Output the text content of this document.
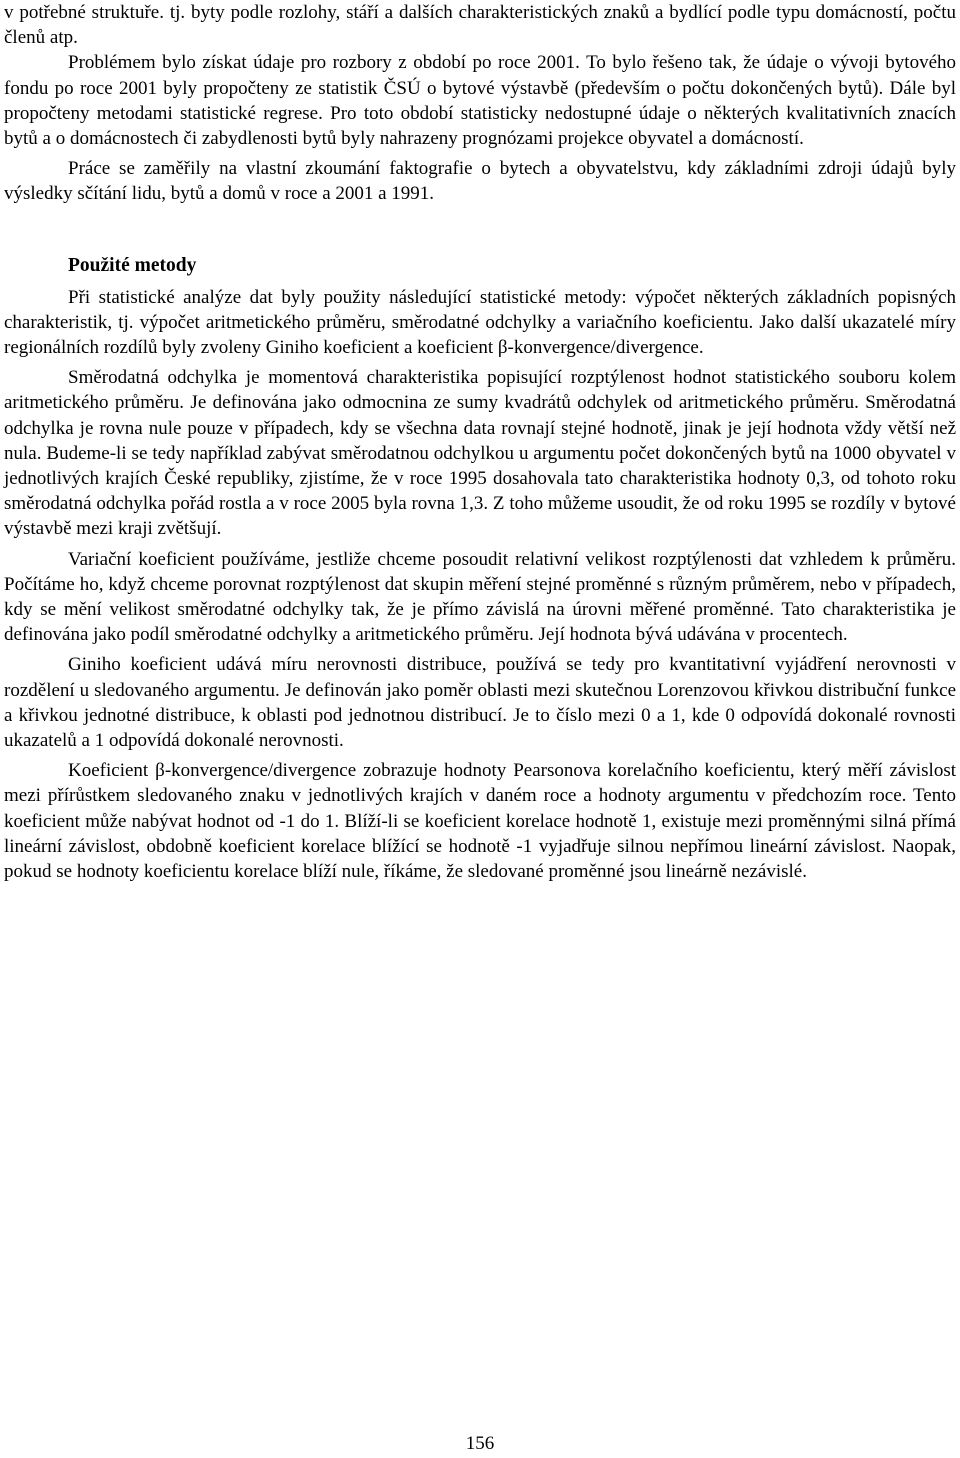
v potřebné struktuře. tj. byty podle rozlohy, stáří a dalších charakteristických znaků a bydlící podle typu domácností, počtu členů atp.

Problémem bylo získat údaje pro rozbory z období po roce 2001. To bylo řešeno tak, že údaje o vývoji bytového fondu po roce 2001 byly propočteny ze statistik ČSÚ o bytové výstavbě (především o počtu dokončených bytů). Dále byl propočteny metodami statistické regrese. Pro toto období statisticky nedostupné údaje o některých kvalitativních znacích bytů a o domácnostech či zabydlenosti bytů byly nahrazeny prognózami projekce obyvatel a domácností.

Práce se zaměřily na vlastní zkoumání faktografie o bytech a obyvatelstvu, kdy základními zdroji údajů byly výsledky sčítání lidu, bytů a domů v roce a 2001 a 1991.

Použité metody

Při statistické analýze dat byly použity následující statistické metody: výpočet některých základních popisných charakteristik, tj. výpočet aritmetického průměru, směrodatné odchylky a variačního koeficientu. Jako další ukazatelé míry regionálních rozdílů byly zvoleny Giniho koeficient a koeficient β-konvergence/divergence.

Směrodatná odchylka je momentová charakteristika popisující rozptýlenost hodnot statistického souboru kolem aritmetického průměru. Je definována jako odmocnina ze sumy kvadrátů odchylek od aritmetického průměru. Směrodatná odchylka je rovna nule pouze v případech, kdy se všechna data rovnají stejné hodnotě, jinak je její hodnota vždy větší než nula. Budeme-li se tedy například zabývat směrodatnou odchylkou u argumentu počet dokončených bytů na 1000 obyvatel v jednotlivých krajích České republiky, zjistíme, že v roce 1995 dosahovala tato charakteristika hodnoty 0,3, od tohoto roku směrodatná odchylka pořád rostla a v roce 2005 byla rovna 1,3. Z toho můžeme usoudit, že od roku 1995 se rozdíly v bytové výstavbě mezi kraji zvětšují.

Variační koeficient používáme, jestliže chceme posoudit relativní velikost rozptýlenosti dat vzhledem k průměru. Počítáme ho, když chceme porovnat rozptýlenost dat skupin měření stejné proměnné s různým průměrem, nebo v případech, kdy se mění velikost směrodatné odchylky tak, že je přímo závislá na úrovni měřené proměnné. Tato charakteristika je definována jako podíl směrodatné odchylky a aritmetického průměru. Její hodnota bývá udávána v procentech.

Giniho koeficient udává míru nerovnosti distribuce, používá se tedy pro kvantitativní vyjádření nerovnosti v rozdělení u sledovaného argumentu. Je definován jako poměr oblasti mezi skutečnou Lorenzovou křivkou distribuční funkce a křivkou jednotné distribuce, k oblasti pod jednotnou distribucí. Je to číslo mezi 0 a 1, kde 0 odpovídá dokonalé rovnosti ukazatelů a 1 odpovídá dokonalé nerovnosti.

Koeficient β-konvergence/divergence zobrazuje hodnoty Pearsonova korelačního koeficientu, který měří závislost mezi přírůstkem sledovaného znaku v jednotlivých krajích v daném roce a hodnoty argumentu v předchozím roce. Tento koeficient může nabývat hodnot od -1 do 1. Blíží-li se koeficient korelace hodnotě 1, existuje mezi proměnnými silná přímá lineární závislost, obdobně koeficient korelace blížící se hodnotě -1 vyjadřuje silnou nepřímou lineární závislost. Naopak, pokud se hodnoty koeficientu korelace blíží nule, říkáme, že sledované proměnné jsou lineárně nezávislé.

156
